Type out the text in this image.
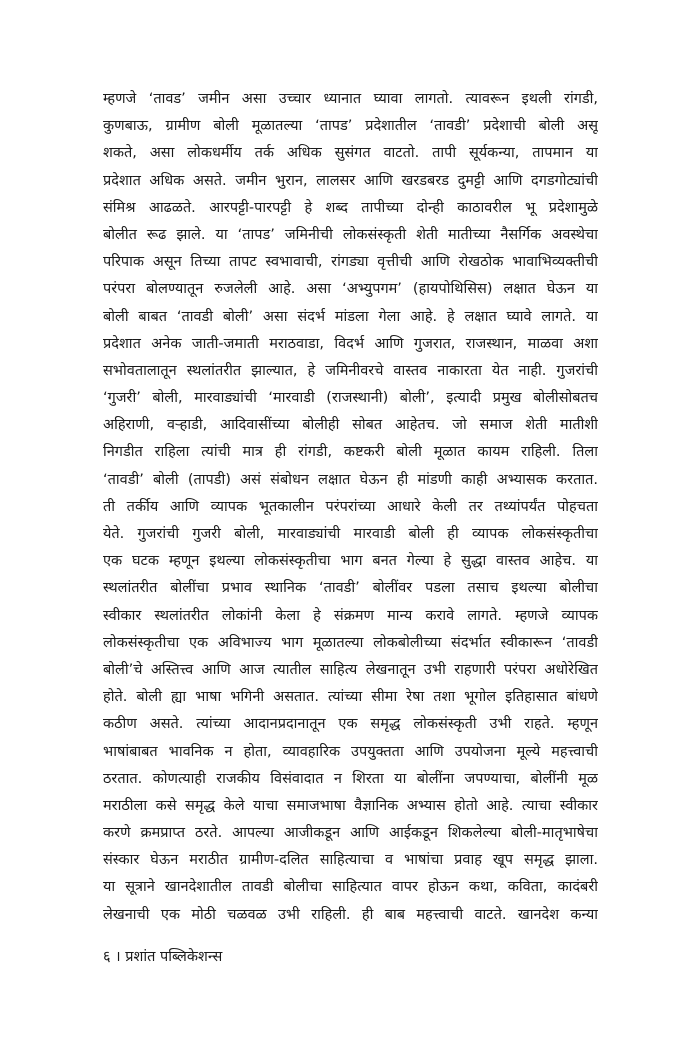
म्हणजे ‘तावड’ जमीन असा उच्चार ध्यानात घ्यावा लागतो. त्यावरून इथली रांगडी,
कुणबाऊ, ग्रामीण बोली मूळातल्या ‘तापड’ प्रदेशातील ‘तावडी’ प्रदेशाची बोली असू
शकते, असा लोकधर्मीय तर्क अधिक सुसंगत वाटतो. तापी सूर्यकन्या, तापमान या
प्रदेशात अधिक असते. जमीन भुरान, लालसर आणि खरडबरड दुमट्टी आणि दगडगोट्यांची
संमिश्र आढळते. आरपट्टी-पारपट्टी हे शब्द तापीच्या दोन्ही काठावरील भू प्रदेशामुळे
बोलीत रूढ झाले. या ‘तापड’ जमिनीची लोकसंस्कृती शेती मातीच्या नैसर्गिक अवस्थेचा
परिपाक असून तिच्या तापट स्वभावाची, रांगड्या वृत्तीची आणि रोखठोक भावाभिव्यक्तीची
परंपरा बोलण्यातून रुजलेली आहे. असा ‘अभ्युपगम’ (हायपोथिसिस) लक्षात घेऊन या
बोली बाबत ‘तावडी बोली’ असा संदर्भ मांडला गेला आहे. हे लक्षात घ्यावे लागते. या
प्रदेशात अनेक जाती-जमाती मराठवाडा, विदर्भ आणि गुजरात, राजस्थान, माळवा अशा
सभोवतालातून स्थलांतरीत झाल्यात, हे जमिनीवरचे वास्तव नाकारता येत नाही. गुजरांची
‘गुजरी’ बोली, मारवाड्यांची ‘मारवाडी (राजस्थानी) बोली’, इत्यादी प्रमुख बोलीसोबतच
अहिराणी, वऱ्हाडी, आदिवासींच्या बोलीही सोबत आहेतच. जो समाज शेती मातीशी
निगडीत राहिला त्यांची मात्र ही रांगडी, कष्टकरी बोली मूळात कायम राहिली. तिला
‘तावडी’ बोली (तापडी) असं संबोधन लक्षात घेऊन ही मांडणी काही अभ्यासक करतात.
ती तर्कीय आणि व्यापक भूतकालीन परंपरांच्या आधारे केली तर तथ्यांपर्यंत पोहचता
येते. गुजरांची गुजरी बोली, मारवाड्यांची मारवाडी बोली ही व्यापक लोकसंस्कृतीचा
एक घटक म्हणून इथल्या लोकसंस्कृतीचा भाग बनत गेल्या हे सुद्धा वास्तव आहेच. या
स्थलांतरीत बोलींचा प्रभाव स्थानिक ‘तावडी’ बोलींवर पडला तसाच इथल्या बोलीचा
स्वीकार स्थलांतरीत लोकांनी केला हे संक्रमण मान्य करावे लागते. म्हणजे व्यापक
लोकसंस्कृतीचा एक अविभाज्य भाग मूळातल्या लोकबोलीच्या संदर्भात स्वीकारून ‘तावडी
बोली’चे अस्तित्त्व आणि आज त्यातील साहित्य लेखनातून उभी राहणारी परंपरा अधोरेखित
होते. बोली ह्या भाषा भगिनी असतात. त्यांच्या सीमा रेषा तशा भूगोल इतिहासात बांधणे
कठीण असते. त्यांच्या आदानप्रदानातून एक समृद्ध लोकसंस्कृती उभी राहते. म्हणून
भाषांबाबत भावनिक न होता, व्यावहारिक उपयुक्तता आणि उपयोजना मूल्ये महत्त्वाची
ठरतात. कोणत्याही राजकीय विसंवादात न शिरता या बोलींना जपण्याचा, बोलींनी मूळ
मराठीला कसे समृद्ध केले याचा समाजभाषा वैज्ञानिक अभ्यास होतो आहे. त्याचा स्वीकार
करणे क्रमप्राप्त ठरते. आपल्या आजीकडून आणि आईकडून शिकलेल्या बोली-मातृभाषेचा
संस्कार घेऊन मराठीत ग्रामीण-दलित साहित्याचा व भाषांचा प्रवाह खूप समृद्ध झाला.
या सूत्राने खानदेशातील तावडी बोलीचा साहित्यात वापर होऊन कथा, कविता, कादंबरी
लेखनाची एक मोठी चळवळ उभी राहिली. ही बाब महत्त्वाची वाटते. खानदेश कन्या
६ । प्रशांत पब्लिकेशन्स
